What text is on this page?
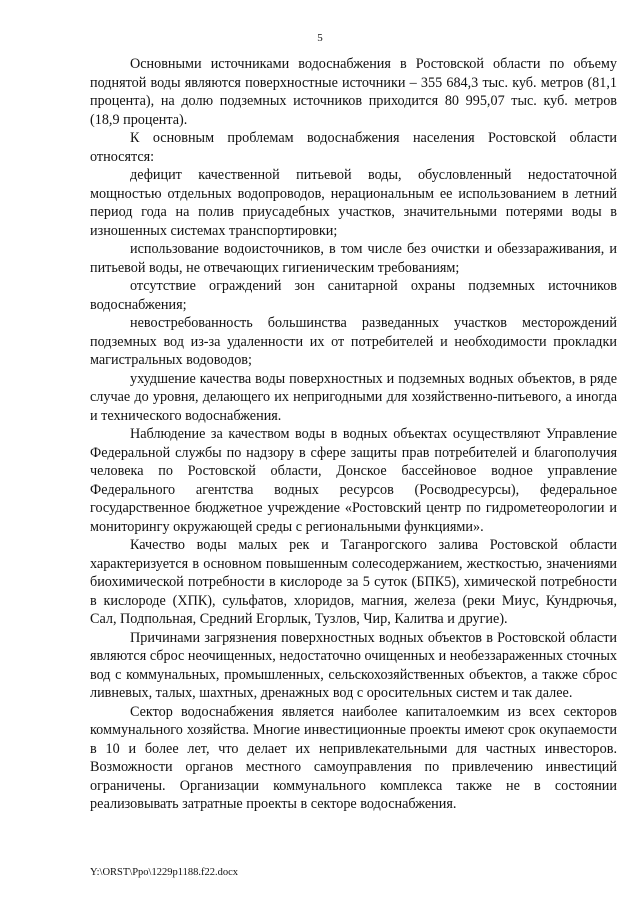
5

Основными источниками водоснабжения в Ростовской области по объему поднятой воды являются поверхностные источники – 355 684,3 тыс. куб. метров (81,1 процента), на долю подземных источников приходится 80 995,07 тыс. куб. метров (18,9 процента).

К основным проблемам водоснабжения населения Ростовской области относятся:

дефицит качественной питьевой воды, обусловленный недостаточной мощностью отдельных водопроводов, нерациональным ее использованием в летний период года на полив приусадебных участков, значительными потерями воды в изношенных системах транспортировки;

использование водоисточников, в том числе без очистки и обеззараживания, и питьевой воды, не отвечающих гигиеническим требованиям;

отсутствие ограждений зон санитарной охраны подземных источников водоснабжения;

невостребованность большинства разведанных участков месторождений подземных вод из-за удаленности их от потребителей и необходимости прокладки магистральных водоводов;

ухудшение качества воды поверхностных и подземных водных объектов, в ряде случае до уровня, делающего их непригодными для хозяйственно-питьевого, а иногда и технического водоснабжения.

Наблюдение за качеством воды в водных объектах осуществляют Управление Федеральной службы по надзору в сфере защиты прав потребителей и благополучия человека по Ростовской области, Донское бассейновое водное управление Федерального агентства водных ресурсов (Росводресурсы), федеральное государственное бюджетное учреждение «Ростовский центр по гидрометеорологии и мониторингу окружающей среды с региональными функциями».

Качество воды малых рек и Таганрогского залива Ростовской области характеризуется в основном повышенным солесодержанием, жесткостью, значениями биохимической потребности в кислороде за 5 суток (БПК5), химической потребности в кислороде (ХПК), сульфатов, хлоридов, магния, железа (реки Миус, Кундрючья, Сал, Подпольная, Средний Егорлык, Тузлов, Чир, Калитва и другие).

Причинами загрязнения поверхностных водных объектов в Ростовской области являются сброс неочищенных, недостаточно очищенных и необеззараженных сточных вод с коммунальных, промышленных, сельскохозяйственных объектов, а также сброс ливневых, талых, шахтных, дренажных вод с оросительных систем и так далее.

Сектор водоснабжения является наиболее капиталоемким из всех секторов коммунального хозяйства. Многие инвестиционные проекты имеют срок окупаемости в 10 и более лет, что делает их непривлекательными для частных инвесторов. Возможности органов местного самоуправления по привлечению инвестиций ограничены. Организации коммунального комплекса также не в состоянии реализовывать затратные проекты в секторе водоснабжения.

Y:\ORST\Ppo\1229p1188.f22.docx
